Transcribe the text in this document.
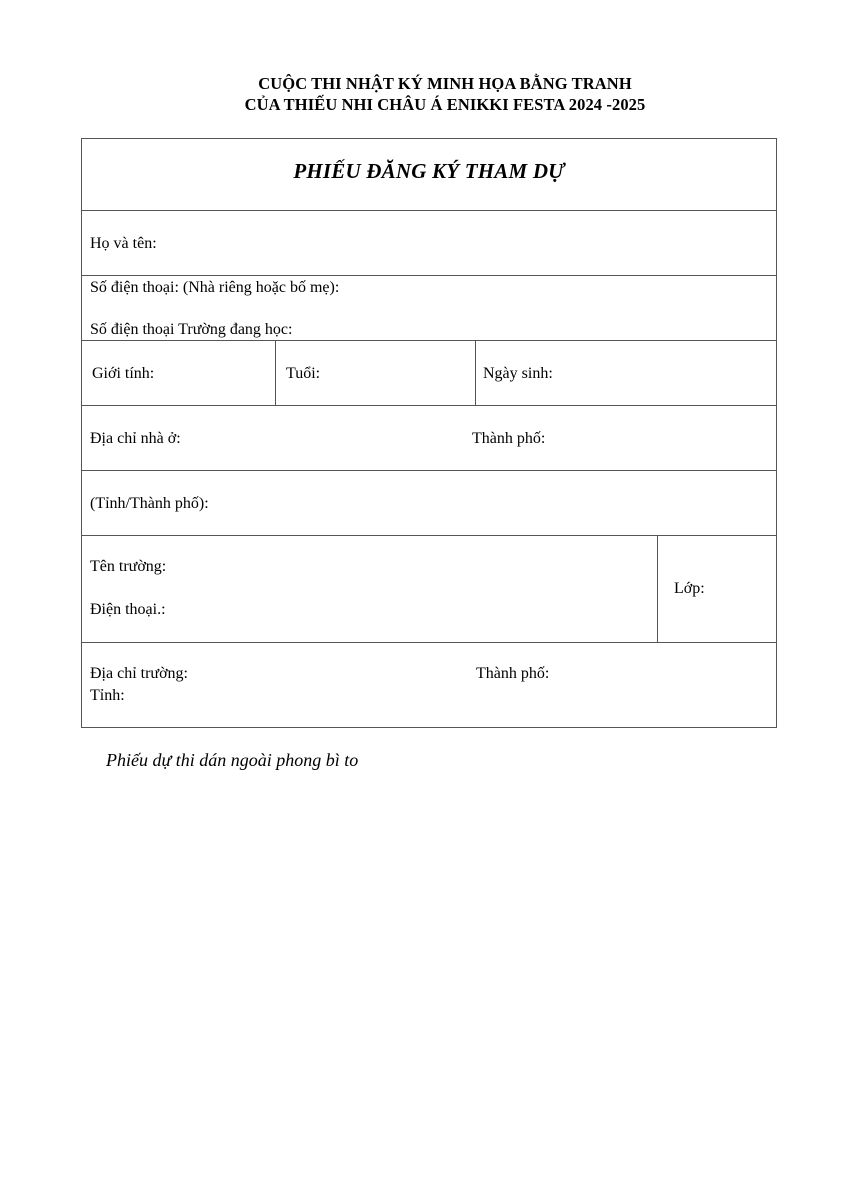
CUỘC THI NHẬT KÝ MINH HỌA BẰNG TRANH
CỦA THIẾU NHI CHÂU Á ENIKKI FESTA 2024 -2025
PHIẾU ĐĂNG KÝ THAM DỰ
Họ và tên:
Số điện thoại: (Nhà riêng hoặc bố mẹ):
Số điện thoại Trường đang học:
Giới tính:	Tuổi:	Ngày sinh:
Địa chỉ nhà ở:	Thành phố:
(Tỉnh/Thành phố):
Tên trường:
Điện thoại.:
Lớp:
Địa chỉ trường:	Thành phố:
Tỉnh:
Phiếu dự thi dán ngoài phong bì to
